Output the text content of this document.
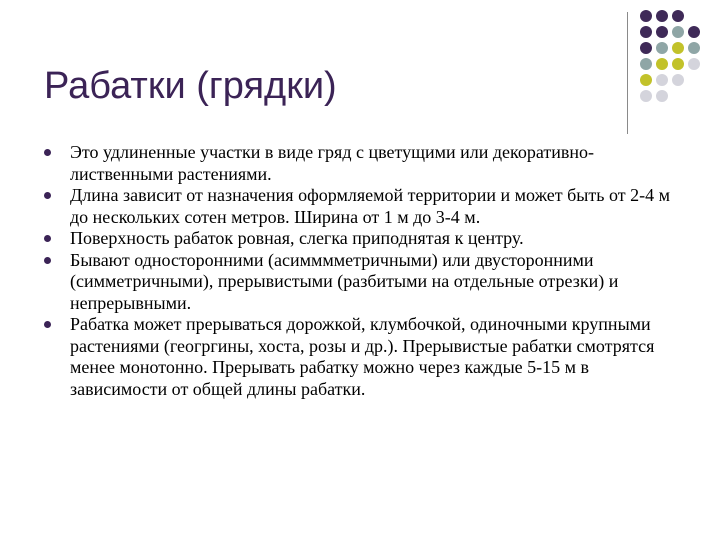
Рабатки (грядки)
Это удлиненные участки в виде гряд с цветущими или декоративно-лиственными растениями.
Длина зависит от назначения оформляемой территории и может быть от 2-4 м до нескольких сотен метров. Ширина от 1 м до 3-4 м.
Поверхность рабаток ровная, слегка приподнятая к центру.
Бывают односторонними (асимммметричными) или двусторонними (симметричными), прерывистыми (разбитыми на отдельные отрезки) и непрерывными.
Рабатка может прерываться дорожкой, клумбочкой, одиночными крупными растениями (геогргины, хоста, розы и др.). Прерывистые рабатки смотрятся менее монотонно. Прерывать рабатку можно через каждые 5-15 м в зависимости от общей длины рабатки.
